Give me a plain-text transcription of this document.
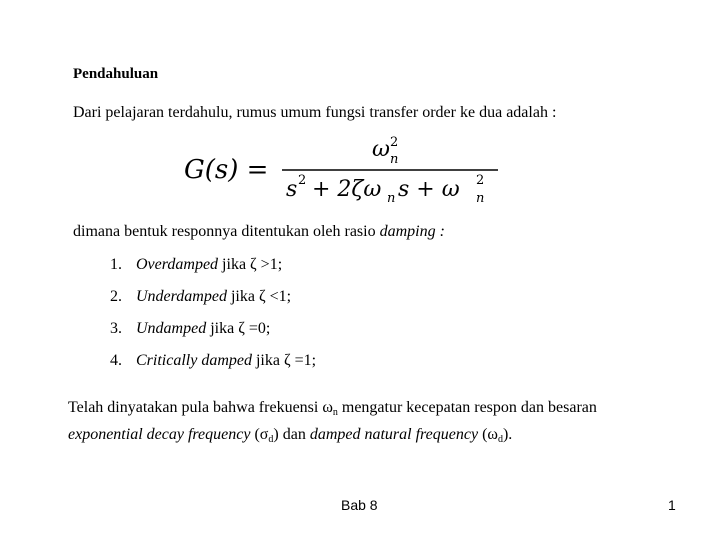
Pendahuluan
Dari pelajaran terdahulu, rumus umum fungsi transfer order ke dua adalah :
G(s) =
ω n
2
s 2 + 2ζω n s + ω n
2
dimana bentuk responnya ditentukan oleh rasio damping :
1. Overdamped jika ζ >1;
2. Underdamped jika ζ <1;
3. Undamped jika ζ =0;
4. Critically damped jika ζ =1;
Telah dinyatakan pula bahwa frekuensi $\omega_n$ mengatur kecepatan respon dan besaran
exponential decay frequency $(\sigma_d)$ dan damped natural frequency $(\omega_d)$.
Bab 8	1
